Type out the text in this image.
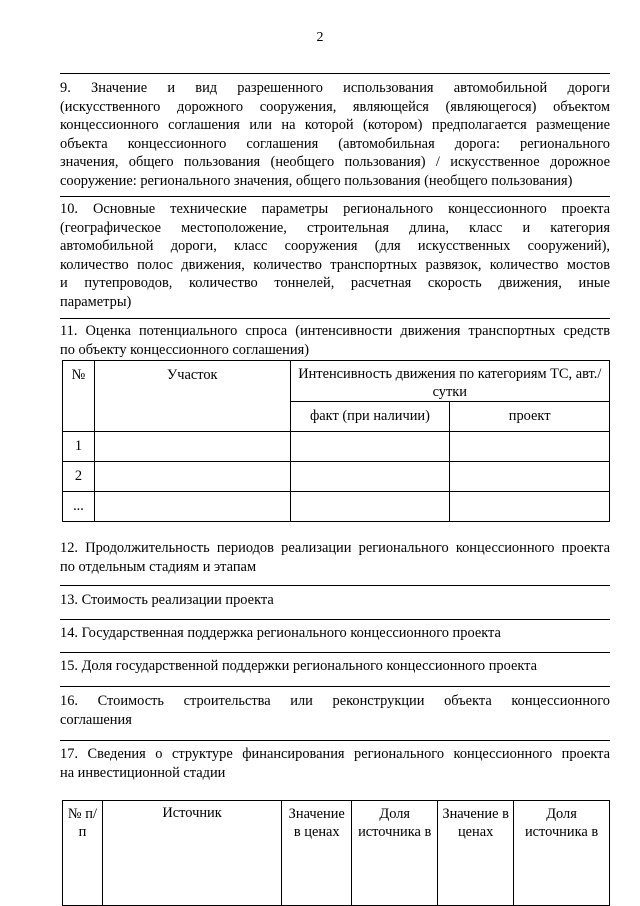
2
9. Значение и вид разрешенного использования автомобильной дороги
(искусственного дорожного сооружения, являющейся (являющегося) объектом
концессионного соглашения или на которой (котором) предполагается размещение
объекта концессионного соглашения (автомобильная дорога: регионального
значения, общего пользования (необщего пользования) / искусственное дорожное
сооружение: регионального значения, общего пользования (необщего пользования)
10. Основные технические параметры регионального концессионного проекта
(географическое местоположение, строительная длина, класс и категория
автомобильной дороги, класс сооружения (для искусственных сооружений),
количество полос движения, количество транспортных развязок, количество мостов
и путепроводов, количество тоннелей, расчетная скорость движения, иные
параметры)
11. Оценка потенциального спроса (интенсивности движения транспортных средств
по объекту концессионного соглашения)
№	Участок	Интенсивность движения по категориям ТС, авт./сутки	
		факт (при наличии)	проект
1			
2			
...			
12. Продолжительность периодов реализации регионального концессионного проекта
по отдельным стадиям и этапам
13. Стоимость реализации проекта
14. Государственная поддержка регионального концессионного проекта
15. Доля государственной поддержки регионального концессионного проекта
16. Стоимость строительства или реконструкции объекта концессионного
соглашения
17. Сведения о структуре финансирования регионального концессионного проекта
на инвестиционной стадии
№ п/п	Источник	Значение в ценах	Доля источника в	Значение в ценах	Доля источника в
